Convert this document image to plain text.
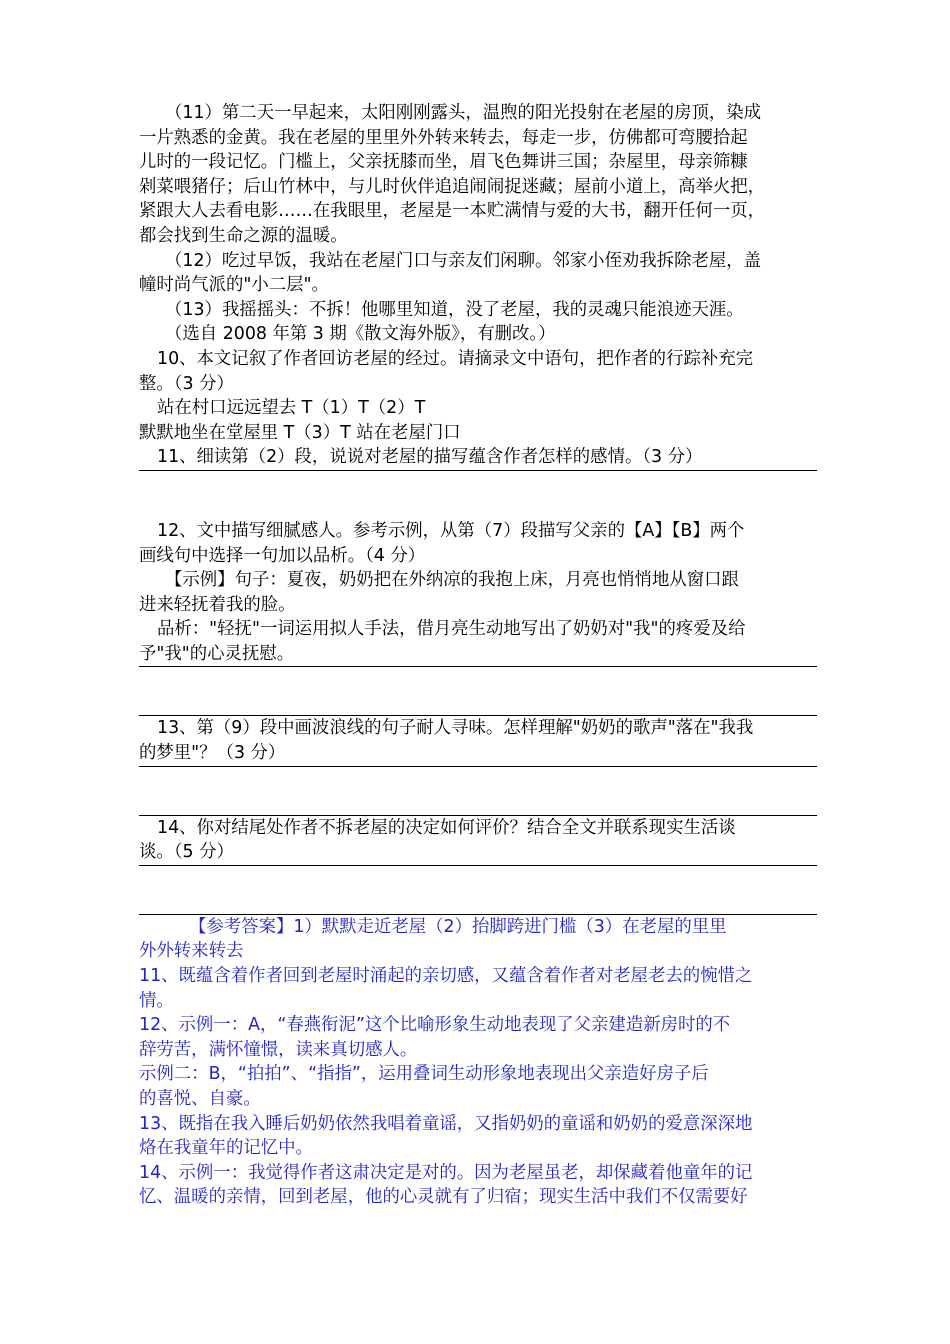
（11）第二天一早起来，太阳刚刚露头，温煦的阳光投射在老屋的房顶，染成
一片熟悉的金黄。我在老屋的里里外外转来转去，每走一步，仿佛都可弯腰拾起
儿时的一段记忆。门槛上，父亲抚膝而坐，眉飞色舞讲三国；杂屋里，母亲筛糠
剁菜喂猪仔；后山竹林中，与儿时伙伴追追闹闹捉迷藏；屋前小道上，高举火把，
紧跟大人去看电影……在我眼里，老屋是一本贮满情与爱的大书，翻开任何一页，
都会找到生命之源的温暖。
（12）吃过早饭，我站在老屋门口与亲友们闲聊。邻家小侄劝我拆除老屋，盖
幢时尚气派的"小二层"。
（13）我摇摇头：不拆！他哪里知道，没了老屋，我的灵魂只能浪迹天涯。
（选自 2008 年第 3 期《散文海外版》，有删改。）
10、本文记叙了作者回访老屋的经过。请摘录文中语句，把作者的行踪补充完
整。（3 分）
站在村口远远望去 T（1）T（2）T
默默地坐在堂屋里 T（3）T 站在老屋门口
11、细读第（2）段，说说对老屋的描写蕴含作者怎样的感情。（3 分）
12、文中描写细腻感人。参考示例，从第（7）段描写父亲的【A】【B】两个
画线句中选择一句加以品析。（4 分）
【示例】句子：夏夜，奶奶把在外纳凉的我抱上床，月亮也悄悄地从窗口跟
进来轻抚着我的脸。
品析："轻抚"一词运用拟人手法，借月亮生动地写出了奶奶对"我"的疼爱及给
予"我"的心灵抚慰。
13、第（9）段中画波浪线的句子耐人寻味。怎样理解"奶奶的歌声"落在"我我
的梦里"？（3 分）
14、你对结尾处作者不拆老屋的决定如何评价？结合全文并联系现实生活谈
谈。（5 分）
【参考答案】1）默默走近老屋（2）抬脚跨进门槛（3）在老屋的里里
外外转来转去
11、既蕴含着作者回到老屋时涌起的亲切感，又蕴含着作者对老屋老去的惋惜之
情。
12、示例一：A，“春燕衔泥”这个比喻形象生动地表现了父亲建造新房时的不
辞劳苦，满怀憧憬，读来真切感人。
示例二：B，“拍拍”、“指指”，运用叠词生动形象地表现出父亲造好房子后
的喜悦、自豪。
13、既指在我入睡后奶奶依然我唱着童谣，又指奶奶的童谣和奶奶的爱意深深地
烙在我童年的记忆中。
14、示例一：我觉得作者这肃决定是对的。因为老屋虽老，却保藏着他童年的记
忆、温暖的亲情，回到老屋，他的心灵就有了归宿；现实生活中我们不仅需要好
